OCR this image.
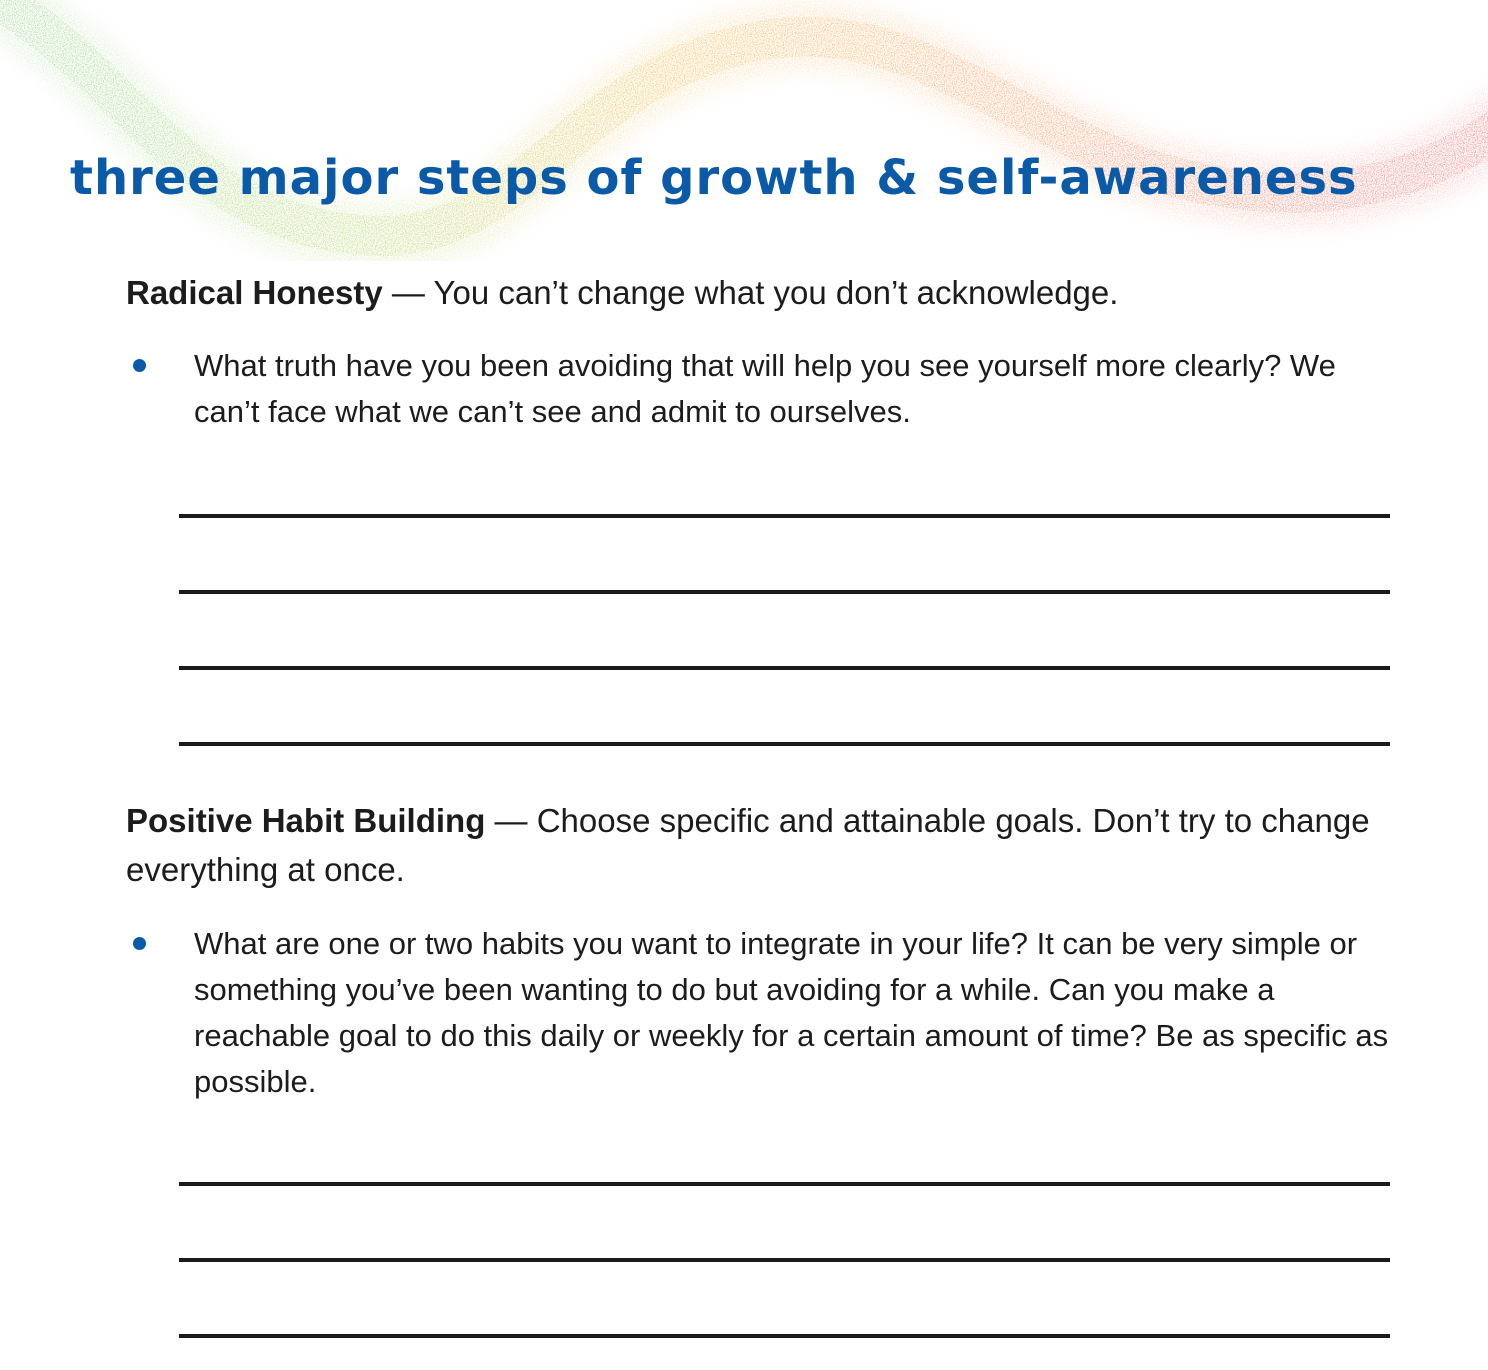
three major steps of growth & self-awareness

Radical Honesty — You can’t change what you don’t acknowledge.

What truth have you been avoiding that will help you see yourself more clearly? We can’t face what we can’t see and admit to ourselves.

Positive Habit Building — Choose specific and attainable goals. Don’t try to change everything at once.

What are one or two habits you want to integrate in your life? It can be very simple or something you’ve been wanting to do but avoiding for a while. Can you make a reachable goal to do this daily or weekly for a certain amount of time? Be as specific as possible.
